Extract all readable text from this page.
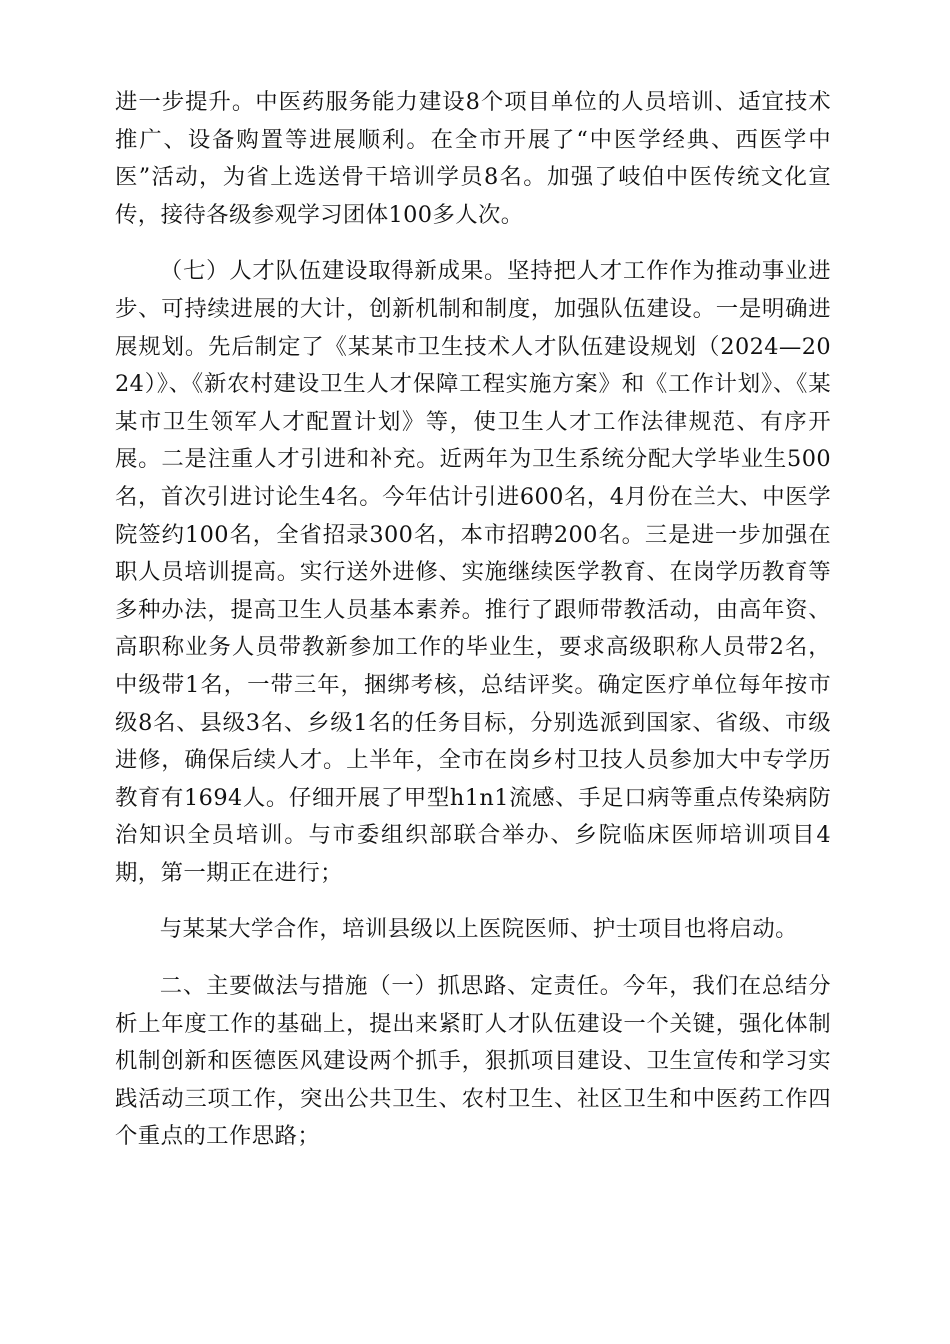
进一步提升。中医药服务能力建设8个项目单位的人员培训、适宜技术推广、设备购置等进展顺利。在全市开展了“中医学经典、西医学中医”活动，为省上选送骨干培训学员8名。加强了岐伯中医传统文化宣传，接待各级参观学习团体100多人次。

（七）人才队伍建设取得新成果。坚持把人才工作作为推动事业进步、可持续进展的大计，创新机制和制度，加强队伍建设。一是明确进展规划。先后制定了《某某市卫生技术人才队伍建设规划（2024—2024）》、《新农村建设卫生人才保障工程实施方案》和《工作计划》、《某某市卫生领军人才配置计划》等，使卫生人才工作法律规范、有序开展。二是注重人才引进和补充。近两年为卫生系统分配大学毕业生500名，首次引进讨论生4名。今年估计引进600名，4月份在兰大、中医学院签约100名，全省招录300名，本市招聘200名。三是进一步加强在职人员培训提高。实行送外进修、实施继续医学教育、在岗学历教育等多种办法，提高卫生人员基本素养。推行了跟师带教活动，由高年资、高职称业务人员带教新参加工作的毕业生，要求高级职称人员带2名，中级带1名，一带三年，捆绑考核，总结评奖。确定医疗单位每年按市级8名、县级3名、乡级1名的任务目标，分别选派到国家、省级、市级进修，确保后续人才。上半年，全市在岗乡村卫技人员参加大中专学历教育有1694人。仔细开展了甲型h1n1流感、手足口病等重点传染病防治知识全员培训。与市委组织部联合举办、乡院临床医师培训项目4期，第一期正在进行；

与某某大学合作，培训县级以上医院医师、护士项目也将启动。

二、主要做法与措施（一）抓思路、定责任。今年，我们在总结分析上年度工作的基础上，提出来紧盯人才队伍建设一个关键，强化体制机制创新和医德医风建设两个抓手，狠抓项目建设、卫生宣传和学习实践活动三项工作，突出公共卫生、农村卫生、社区卫生和中医药工作四个重点的工作思路；
